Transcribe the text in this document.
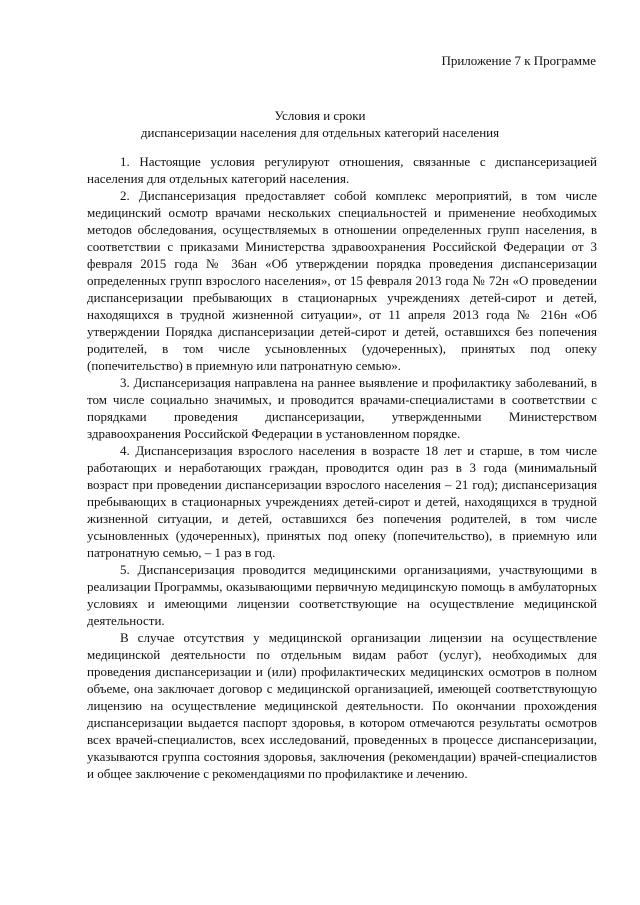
Приложение 7 к Программе
Условия и сроки
диспансеризации населения для отдельных категорий населения

1. Настоящие условия регулируют отношения, связанные с диспансеризацией населения для отдельных категорий населения.

2. Диспансеризация предоставляет собой комплекс мероприятий, в том числе медицинский осмотр врачами нескольких специальностей и применение необходимых методов обследования, осуществляемых в отношении определенных групп населения, в соответствии с приказами Министерства здравоохранения Российской Федерации от 3 февраля 2015 года № 36ан «Об утверждении порядка проведения диспансеризации определенных групп взрослого населения», от 15 февраля 2013 года № 72н «О проведении диспансеризации пребывающих в стационарных учреждениях детей-сирот и детей, находящихся в трудной жизненной ситуации», от 11 апреля 2013 года № 216н «Об утверждении Порядка диспансеризации детей-сирот и детей, оставшихся без попечения родителей, в том числе усыновленных (удочеренных), принятых под опеку (попечительство) в приемную или патронатную семью».

3. Диспансеризация направлена на раннее выявление и профилактику заболеваний, в том числе социально значимых, и проводится врачами-специалистами в соответствии с порядками проведения диспансеризации, утвержденными Министерством здравоохранения Российской Федерации в установленном порядке.

4. Диспансеризация взрослого населения в возрасте 18 лет и старше, в том числе работающих и неработающих граждан, проводится один раз в 3 года (минимальный возраст при проведении диспансеризации взрослого населения – 21 год); диспансеризация пребывающих в стационарных учреждениях детей-сирот и детей, находящихся в трудной жизненной ситуации, и детей, оставшихся без попечения родителей, в том числе усыновленных (удочеренных), принятых под опеку (попечительство), в приемную или патронатную семью, – 1 раз в год.

5. Диспансеризация проводится медицинскими организациями, участвующими в реализации Программы, оказывающими первичную медицинскую помощь в амбулаторных условиях и имеющими лицензии соответствующие на осуществление медицинской деятельности.

В случае отсутствия у медицинской организации лицензии на осуществление медицинской деятельности по отдельным видам работ (услуг), необходимых для проведения диспансеризации и (или) профилактических медицинских осмотров в полном объеме, она заключает договор с медицинской организацией, имеющей соответствующую лицензию на осуществление медицинской деятельности. По окончании прохождения диспансеризации выдается паспорт здоровья, в котором отмечаются результаты осмотров всех врачей-специалистов, всех исследований, проведенных в процессе диспансеризации, указываются группа состояния здоровья, заключения (рекомендации) врачей-специалистов и общее заключение с рекомендациями по профилактике и лечению.
